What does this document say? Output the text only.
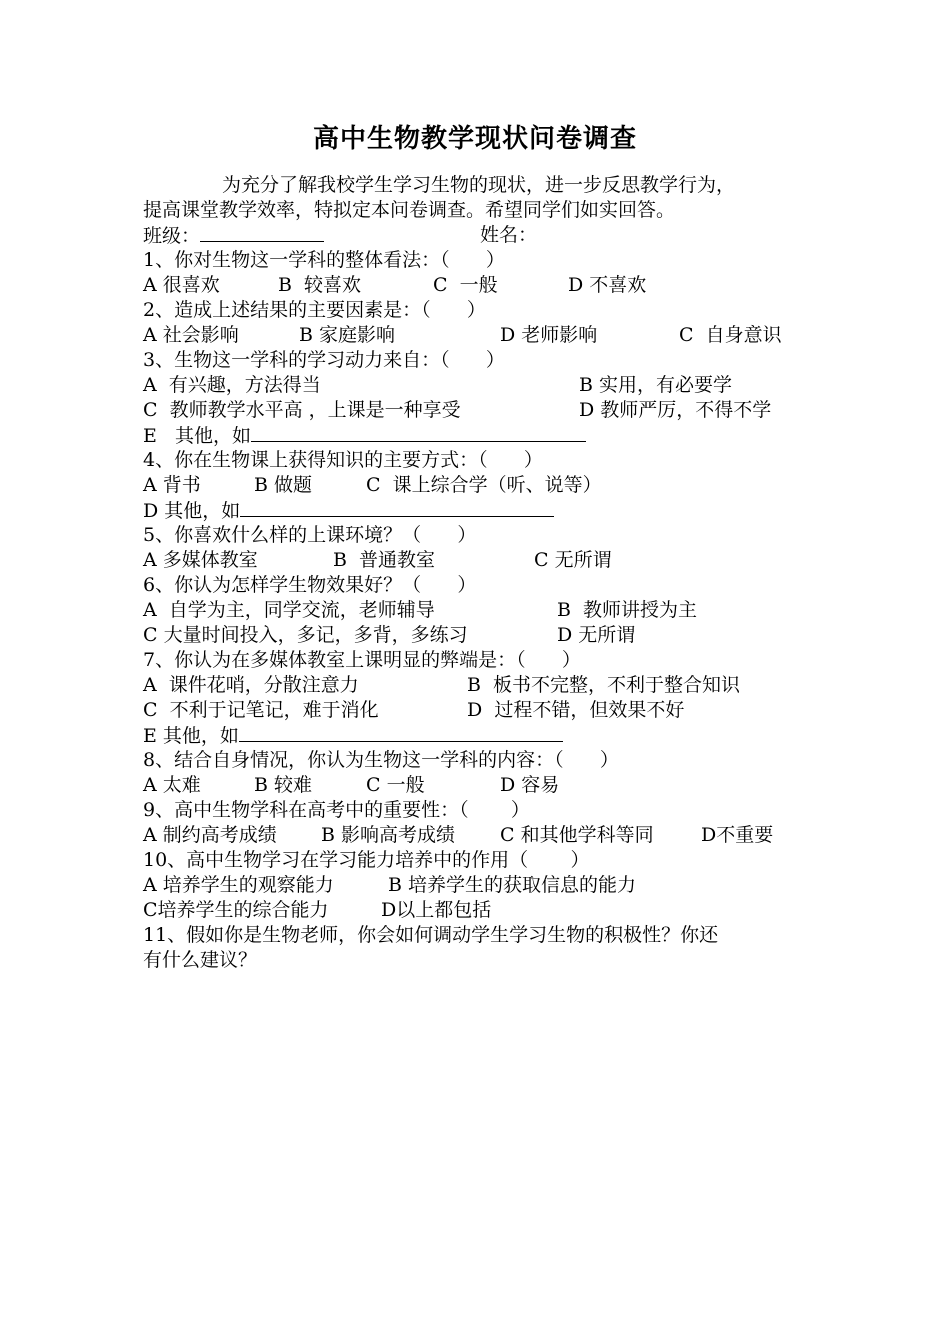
高中生物教学现状问卷调查
为充分了解我校学生学习生物的现状，进一步反思教学行为，
提高课堂教学效率，特拟定本问卷调查。希望同学们如实回答。
班级：	姓名：
1、你对生物这一学科的整体看法：（      ）
A 很喜欢	B  较喜欢	C  一般	D 不喜欢
2、造成上述结果的主要因素是：（      ）
A 社会影响	B 家庭影响	D 老师影响	C  自身意识
3、生物这一学科的学习动力来自：（      ）
A  有兴趣，方法得当	B 实用，有必要学
C  教师教学水平高 ，上课是一种享受	D 教师严厉，不得不学
E   其他，如
4、你在生物课上获得知识的主要方式：（      ）
A 背书	B 做题	C  课上综合学（听、说等）
D 其他，如
5、你喜欢什么样的上课环境？（      ）
A 多媒体教室	B  普通教室	C 无所谓
6、你认为怎样学生物效果好？（      ）
A  自学为主，同学交流，老师辅导	B  教师讲授为主
C 大量时间投入，多记，多背，多练习	D 无所谓
7、你认为在多媒体教室上课明显的弊端是：（      ）
A  课件花哨，分散注意力	B  板书不完整，不利于整合知识
C  不利于记笔记，难于消化	D  过程不错，但效果不好
E 其他，如
8、结合自身情况，你认为生物这一学科的内容：（      ）
A 太难	B 较难	C 一般	D 容易
9、高中生物学科在高考中的重要性：（       ）
A 制约高考成绩 B 影响高考成绩 C 和其他学科等同 D不重要
10、高中生物学习在学习能力培养中的作用（       ）
A 培养学生的观察能力	B 培养学生的获取信息的能力
C培养学生的综合能力	D以上都包括
11、假如你是生物老师，你会如何调动学生学习生物的积极性？你还
有什么建议？
